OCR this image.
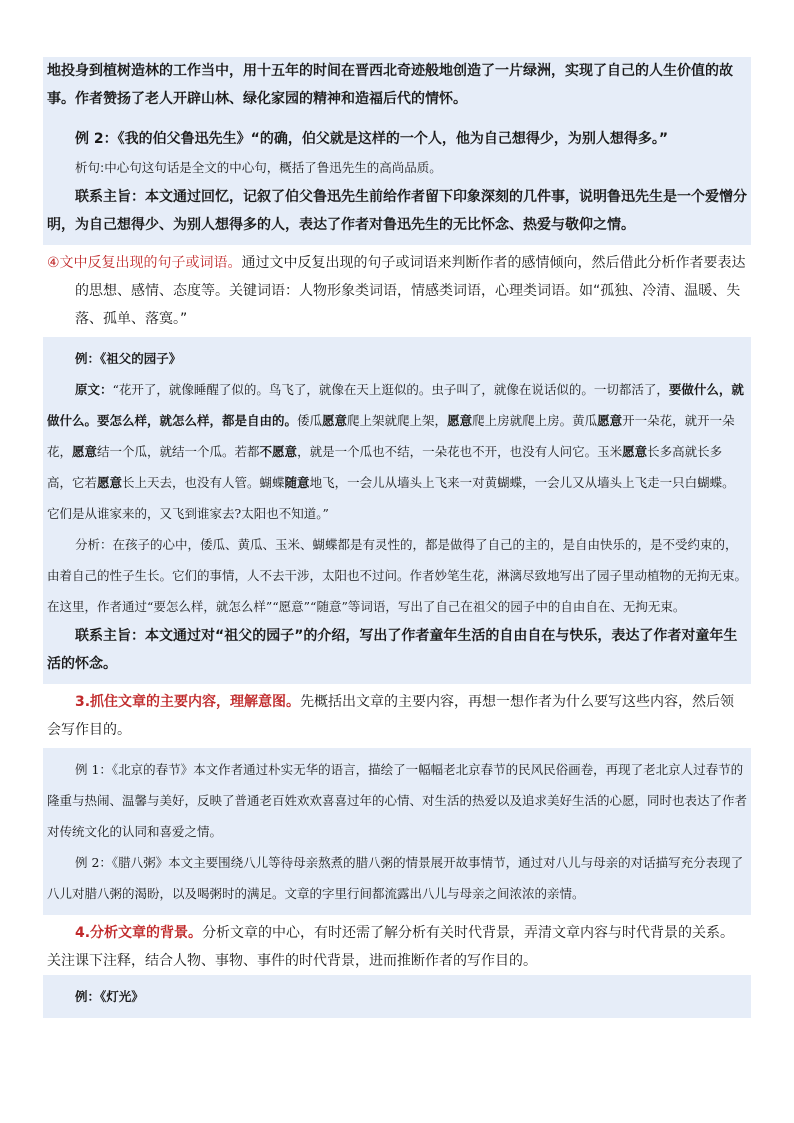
地投身到植树造林的工作当中，用十五年的时间在晋西北奇迹般地创造了一片绿洲，实现了自己的人生价值的故事。作者赞扬了老人开辟山林、绿化家园的精神和造福后代的情怀。

例 2：《我的伯父鲁迅先生》“的确，伯父就是这样的一个人，他为自己想得少，为别人想得多。”

析句:中心句这句话是全文的中心句，概括了鲁迅先生的高尚品质。

联系主旨：本文通过回忆，记叙了伯父鲁迅先生前给作者留下印象深刻的几件事，说明鲁迅先生是一个爱憎分明，为自己想得少、为别人想得多的人，表达了作者对鲁迅先生的无比怀念、热爱与敬仰之情。

④文中反复出现的句子或词语。通过文中反复出现的句子或词语来判断作者的感情倾向，然后借此分析作者要表达的思想、感情、态度等。关键词语：人物形象类词语，情感类词语，心理类词语。如“孤独、冷清、温暖、失落、孤单、落寞。”

例：《祖父的园子》

原文：“花开了，就像睡醒了似的。鸟飞了，就像在天上逛似的。虫子叫了，就像在说话似的。一切都活了，要做什么，就做什么。要怎么样，就怎么样，都是自由的。倭瓜愿意爬上架就爬上架，愿意爬上房就爬上房。黄瓜愿意开一朵花，就开一朵花，愿意结一个瓜，就结一个瓜。若都不愿意，就是一个瓜也不结，一朵花也不开，也没有人问它。玉米愿意长多高就长多高，它若愿意长上天去，也没有人管。蝴蝶随意地飞，一会儿从墙头上飞来一对黄蝴蝶，一会儿又从墙头上飞走一只白蝴蝶。它们是从谁家来的，又飞到谁家去?太阳也不知道。”

分析：在孩子的心中，倭瓜、黄瓜、玉米、蝴蝶都是有灵性的，都是做得了自己的主的，是自由快乐的，是不受约束的，由着自己的性子生长。它们的事情，人不去干涉，太阳也不过问。作者妙笔生花，淋漓尽致地写出了园子里动植物的无拘无束。在这里，作者通过“要怎么样，就怎么样”“愿意”“随意”等词语，写出了自己在祖父的园子中的自由自在、无拘无束。

联系主旨：本文通过对“祖父的园子”的介绍，写出了作者童年生活的自由自在与快乐，表达了作者对童年生活的怀念。

3.抓住文章的主要内容，理解意图。先概括出文章的主要内容，再想一想作者为什么要写这些内容，然后领会写作目的。

例 1：《北京的春节》本文作者通过朴实无华的语言，描绘了一幅幅老北京春节的民风民俗画卷，再现了老北京人过春节的隆重与热闹、温馨与美好，反映了普通老百姓欢欢喜喜过年的心情、对生活的热爱以及追求美好生活的心愿，同时也表达了作者对传统文化的认同和喜爱之情。

例 2：《腊八粥》本文主要围绕八儿等待母亲熬煮的腊八粥的情景展开故事情节，通过对八儿与母亲的对话描写充分表现了八儿对腊八粥的渴盼，以及喝粥时的满足。文章的字里行间都流露出八儿与母亲之间浓浓的亲情。

4.分析文章的背景。分析文章的中心，有时还需了解分析有关时代背景，弄清文章内容与时代背景的关系。关注课下注释，结合人物、事物、事件的时代背景，进而推断作者的写作目的。

例：《灯光》
